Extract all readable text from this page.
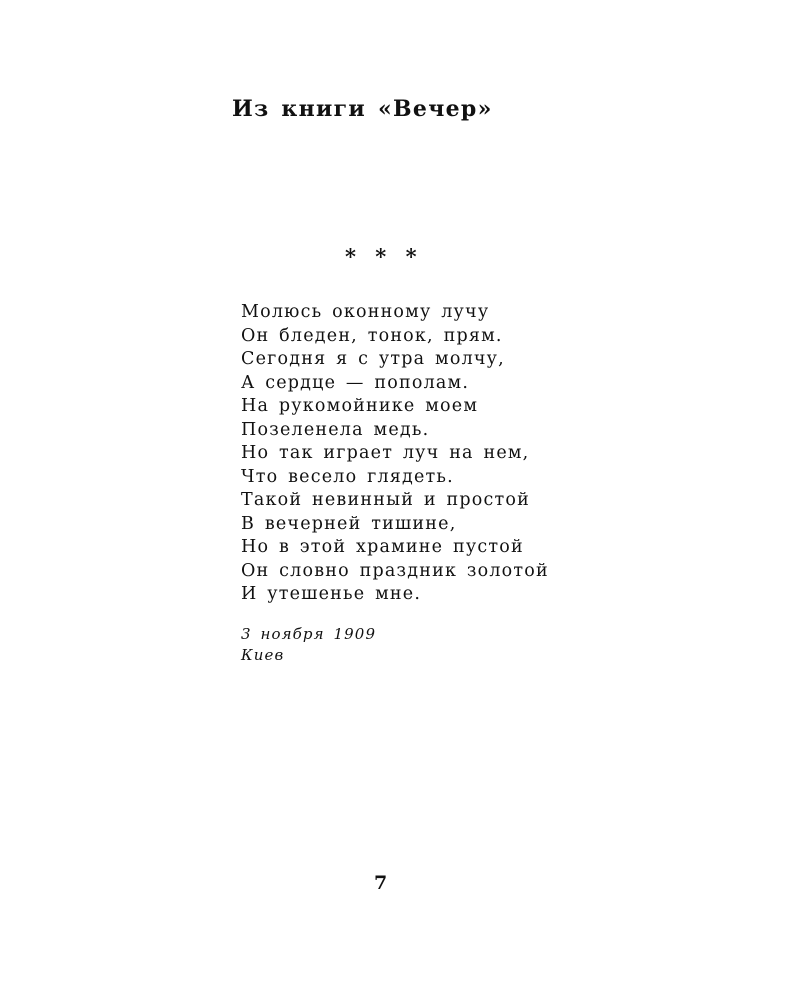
Из книги «Вечер»
* * *
Молюсь оконному лучу
Он бледен, тонок, прям.
Сегодня я с утра молчу,
А сердце — пополам.
На рукомойнике моем
Позеленела медь.
Но так играет луч на нем,
Что весело глядеть.
Такой невинный и простой
В вечерней тишине,
Но в этой храмине пустой
Он словно праздник золотой
И утешенье мне.
3 ноября 1909
Киев
7
